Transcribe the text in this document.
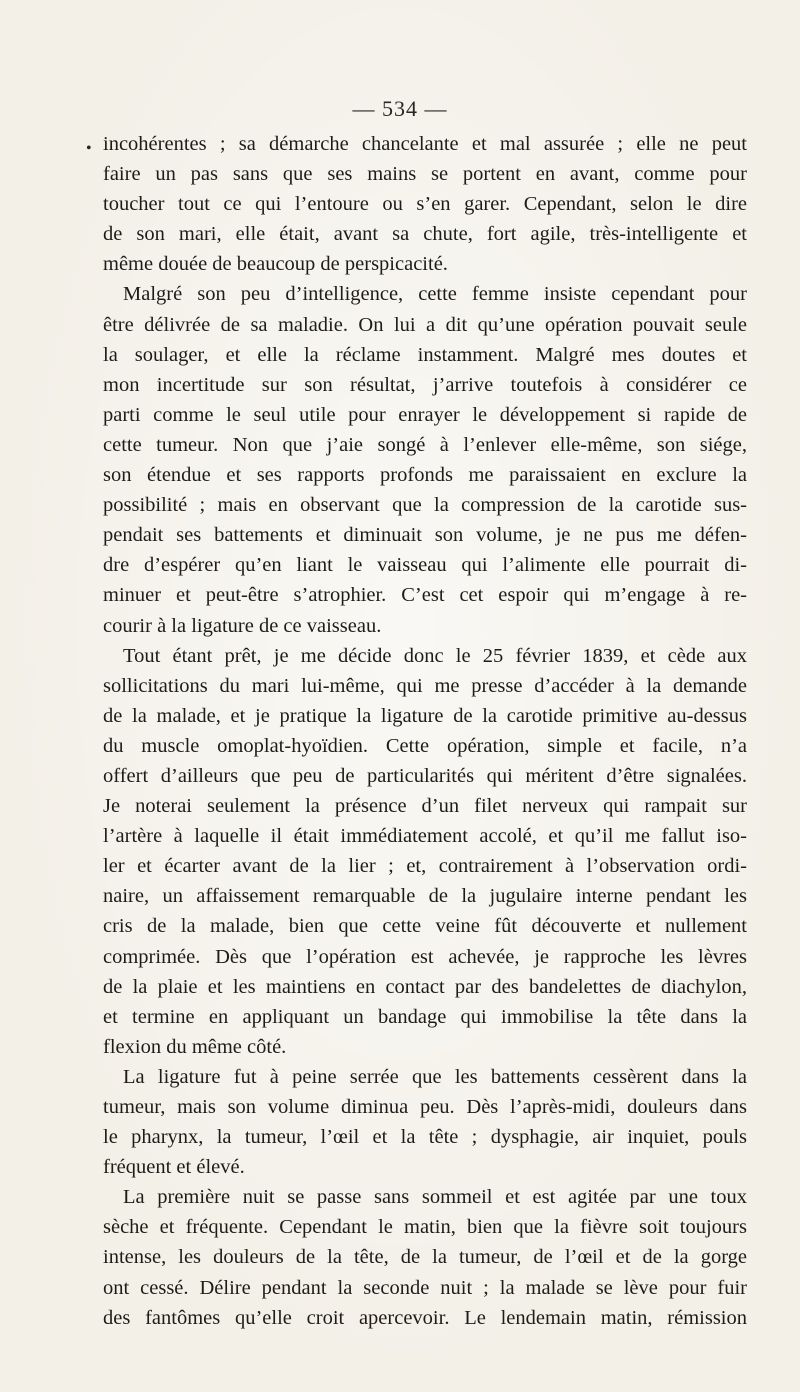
— 534 —
• incohérentes ; sa démarche chancelante et mal assurée ; elle ne peut
faire un pas sans que ses mains se portent en avant, comme pour
toucher tout ce qui l’entoure ou s’en garer. Cependant, selon le dire
de son mari, elle était, avant sa chute, fort agile, très-intelligente et
même douée de beaucoup de perspicacité.
Malgré son peu d’intelligence, cette femme insiste cependant pour
être délivrée de sa maladie. On lui a dit qu’une opération pouvait seule
la soulager, et elle la réclame instamment. Malgré mes doutes et
mon incertitude sur son résultat, j’arrive toutefois à considérer ce
parti comme le seul utile pour enrayer le développement si rapide de
cette tumeur. Non que j’aie songé à l’enlever elle-même, son siége,
son étendue et ses rapports profonds me paraissaient en exclure la
possibilité ; mais en observant que la compression de la carotide sus-
pendait ses battements et diminuait son volume, je ne pus me défen-
dre d’espérer qu’en liant le vaisseau qui l’alimente elle pourrait di-
minuer et peut-être s’atrophier. C’est cet espoir qui m’engage à re-
courir à la ligature de ce vaisseau.
Tout étant prêt, je me décide donc le 25 février 1839, et cède aux
sollicitations du mari lui-même, qui me presse d’accéder à la demande
de la malade, et je pratique la ligature de la carotide primitive au-dessus
du muscle omoplat-hyoïdien. Cette opération, simple et facile, n’a
offert d’ailleurs que peu de particularités qui méritent d’être signalées.
Je noterai seulement la présence d’un filet nerveux qui rampait sur
l’artère à laquelle il était immédiatement accolé, et qu’il me fallut iso-
ler et écarter avant de la lier ; et, contrairement à l’observation ordi-
naire, un affaissement remarquable de la jugulaire interne pendant les
cris de la malade, bien que cette veine fût découverte et nullement
comprimée. Dès que l’opération est achevée, je rapproche les lèvres
de la plaie et les maintiens en contact par des bandelettes de diachylon,
et termine en appliquant un bandage qui immobilise la tête dans la
flexion du même côté.
La ligature fut à peine serrée que les battements cessèrent dans la
tumeur, mais son volume diminua peu. Dès l’après-midi, douleurs dans
le pharynx, la tumeur, l’œil et la tête ; dysphagie, air inquiet, pouls
fréquent et élevé.
La première nuit se passe sans sommeil et est agitée par une toux
sèche et fréquente. Cependant le matin, bien que la fièvre soit toujours
intense, les douleurs de la tête, de la tumeur, de l’œil et de la gorge
ont cessé. Délire pendant la seconde nuit ; la malade se lève pour fuir
des fantômes qu’elle croit apercevoir. Le lendemain matin, rémission
